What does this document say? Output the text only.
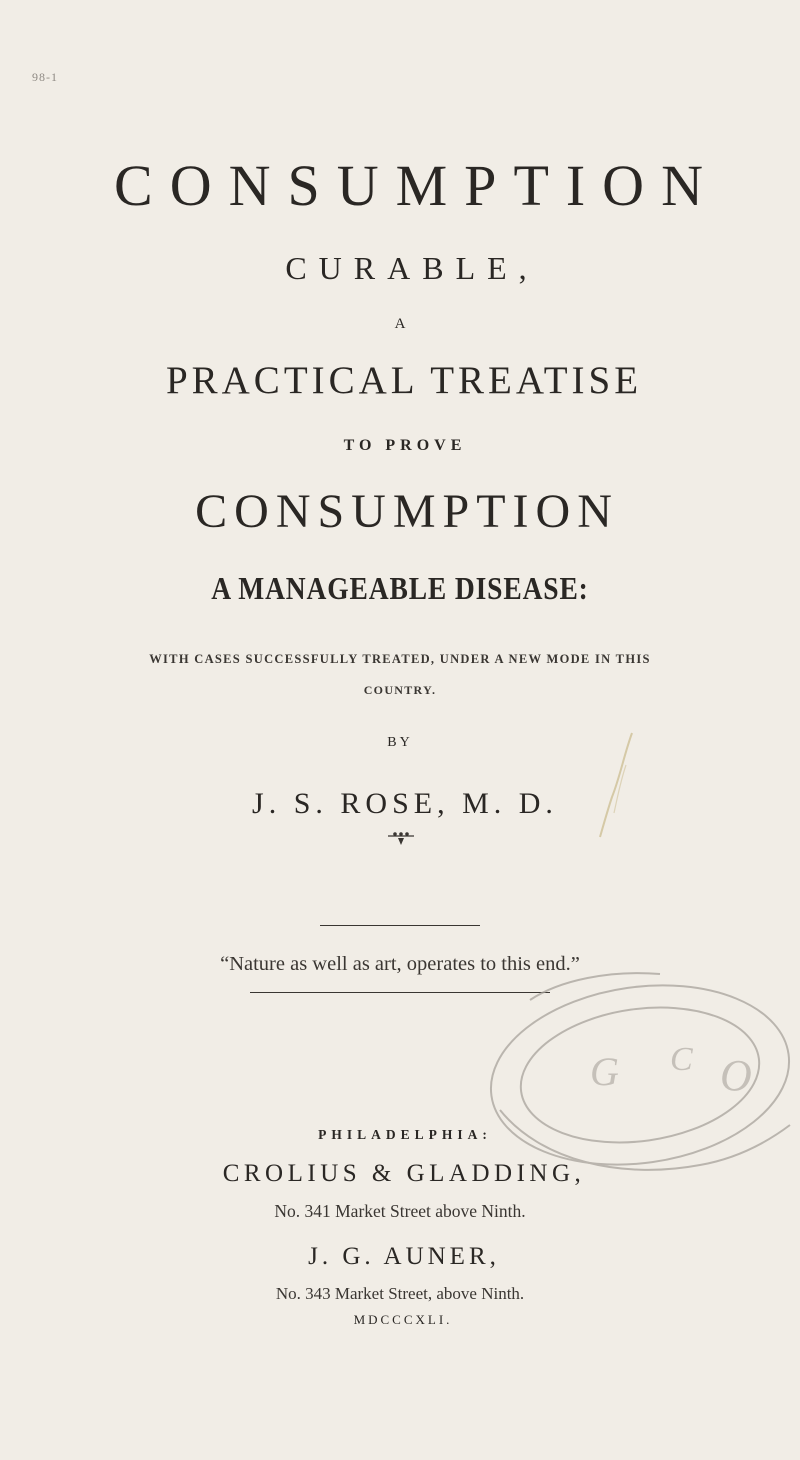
98-1
CONSUMPTION
CURABLE,
A
PRACTICAL TREATISE
TO PROVE
CONSUMPTION
A MANAGEABLE DISEASE:
WITH CASES SUCCESSFULLY TREATED, UNDER A NEW MODE IN THIS
COUNTRY.
BY
J. S. ROSE, M. D.
“Nature as well as art, operates to this end.”
G C O
PHILADELPHIA:
CROLIUS & GLADDING,
No. 341 Market Street above Ninth.
J. G. AUNER,
No. 343 Market Street, above Ninth.
MDCCCXLI.
